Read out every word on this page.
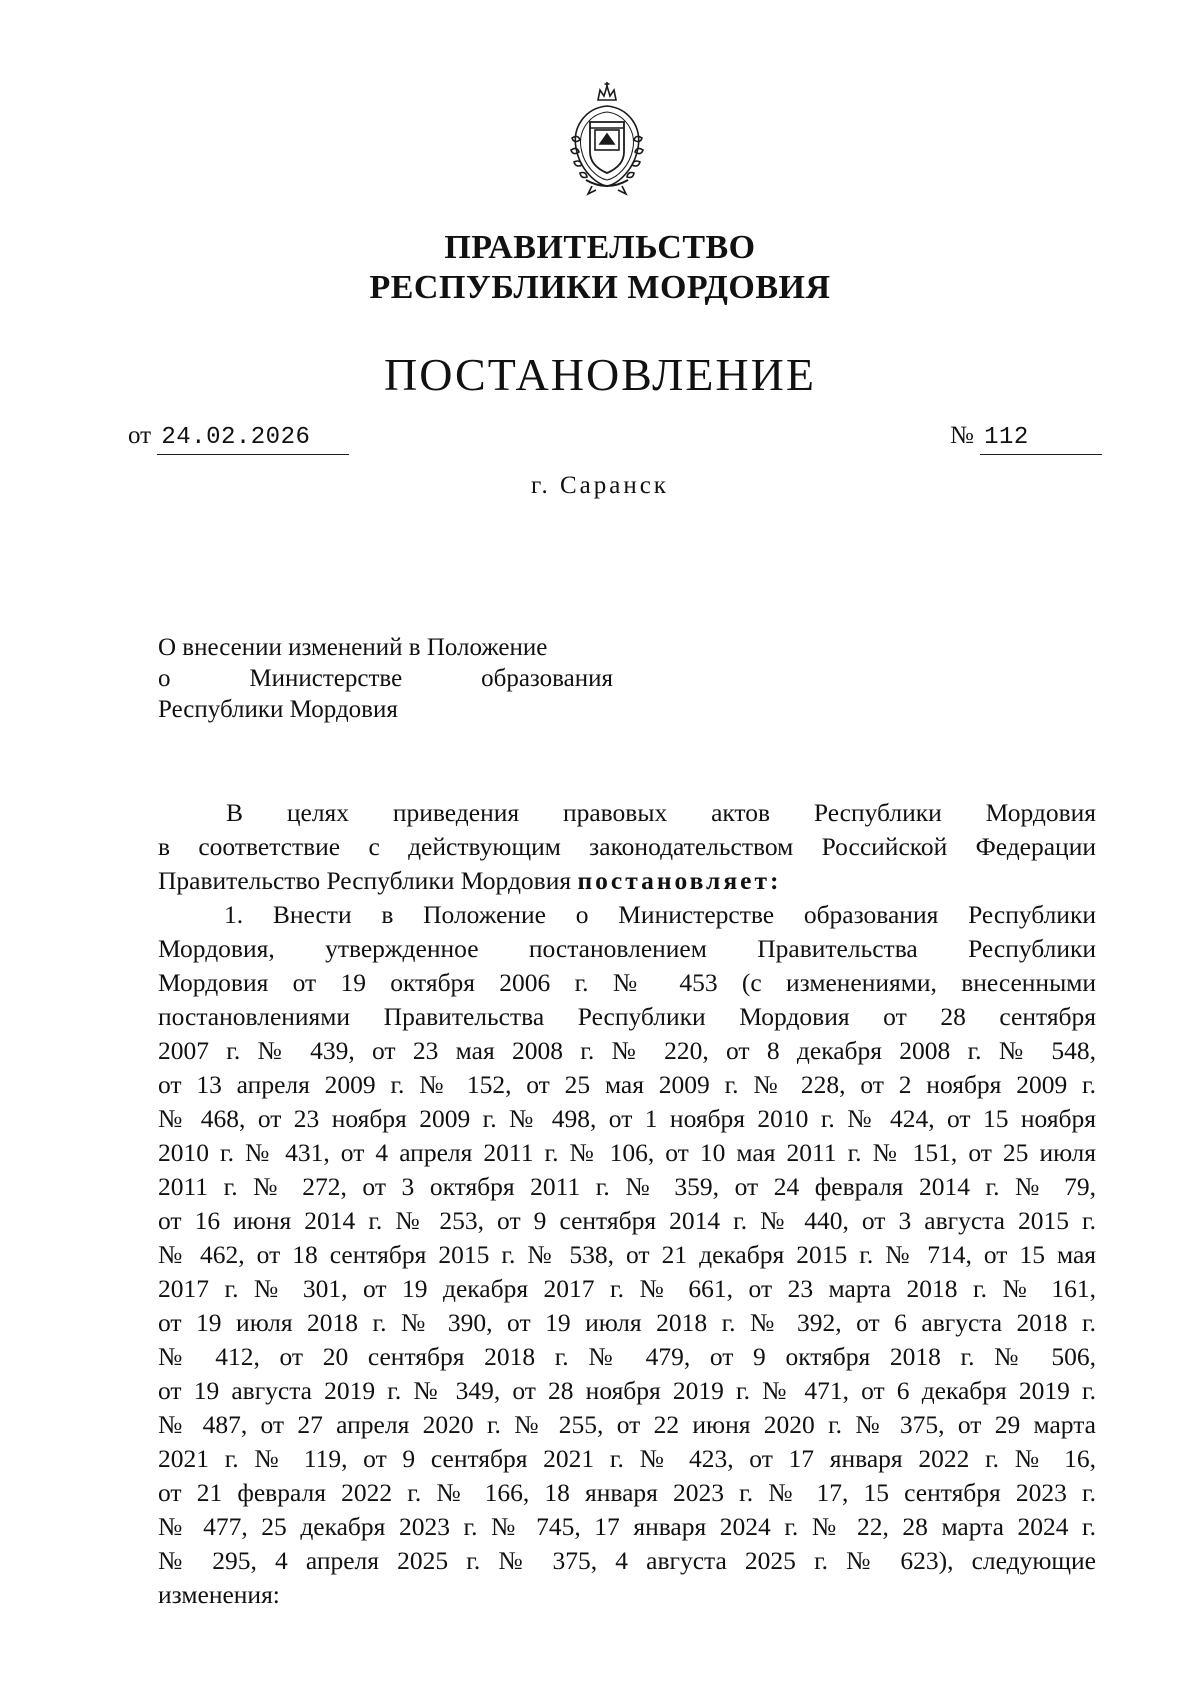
ПРАВИТЕЛЬСТВО
РЕСПУБЛИКИ МОРДОВИЯ
ПОСТАНОВЛЕНИЕ
от 24.02.2026	№ 112
г. Саранск
О внесении изменений в Положение
о	Министерстве	образования
Республики Мордовия
В целях приведения правовых актов Республики Мордовия
в соответствие с действующим законодательством Российской Федерации
Правительство Республики Мордовия постановляет:
1. Внести в Положение о Министерстве образования Республики
Мордовия, утвержденное постановлением Правительства Республики
Мордовия от 19 октября 2006 г. № 453 (с изменениями, внесенными
постановлениями Правительства Республики Мордовия от 28 сентября
2007 г. № 439, от 23 мая 2008 г. № 220, от 8 декабря 2008 г. № 548,
от 13 апреля 2009 г. № 152, от 25 мая 2009 г. № 228, от 2 ноября 2009 г.
№ 468, от 23 ноября 2009 г. № 498, от 1 ноября 2010 г. № 424, от 15 ноября
2010 г. № 431, от 4 апреля 2011 г. № 106, от 10 мая 2011 г. № 151, от 25 июля
2011 г. № 272, от 3 октября 2011 г. № 359, от 24 февраля 2014 г. № 79,
от 16 июня 2014 г. № 253, от 9 сентября 2014 г. № 440, от 3 августа 2015 г.
№ 462, от 18 сентября 2015 г. № 538, от 21 декабря 2015 г. № 714, от 15 мая
2017 г. № 301, от 19 декабря 2017 г. № 661, от 23 марта 2018 г. № 161,
от 19 июля 2018 г. № 390, от 19 июля 2018 г. № 392, от 6 августа 2018 г.
№ 412, от 20 сентября 2018 г. № 479, от 9 октября 2018 г. № 506,
от 19 августа 2019 г. № 349, от 28 ноября 2019 г. № 471, от 6 декабря 2019 г.
№ 487, от 27 апреля 2020 г. № 255, от 22 июня 2020 г. № 375, от 29 марта
2021 г. № 119, от 9 сентября 2021 г. № 423, от 17 января 2022 г. № 16,
от 21 февраля 2022 г. № 166, 18 января 2023 г. № 17, 15 сентября 2023 г.
№ 477, 25 декабря 2023 г. № 745, 17 января 2024 г. № 22, 28 марта 2024 г.
№ 295, 4 апреля 2025 г. № 375, 4 августа 2025 г. № 623), следующие
изменения:
